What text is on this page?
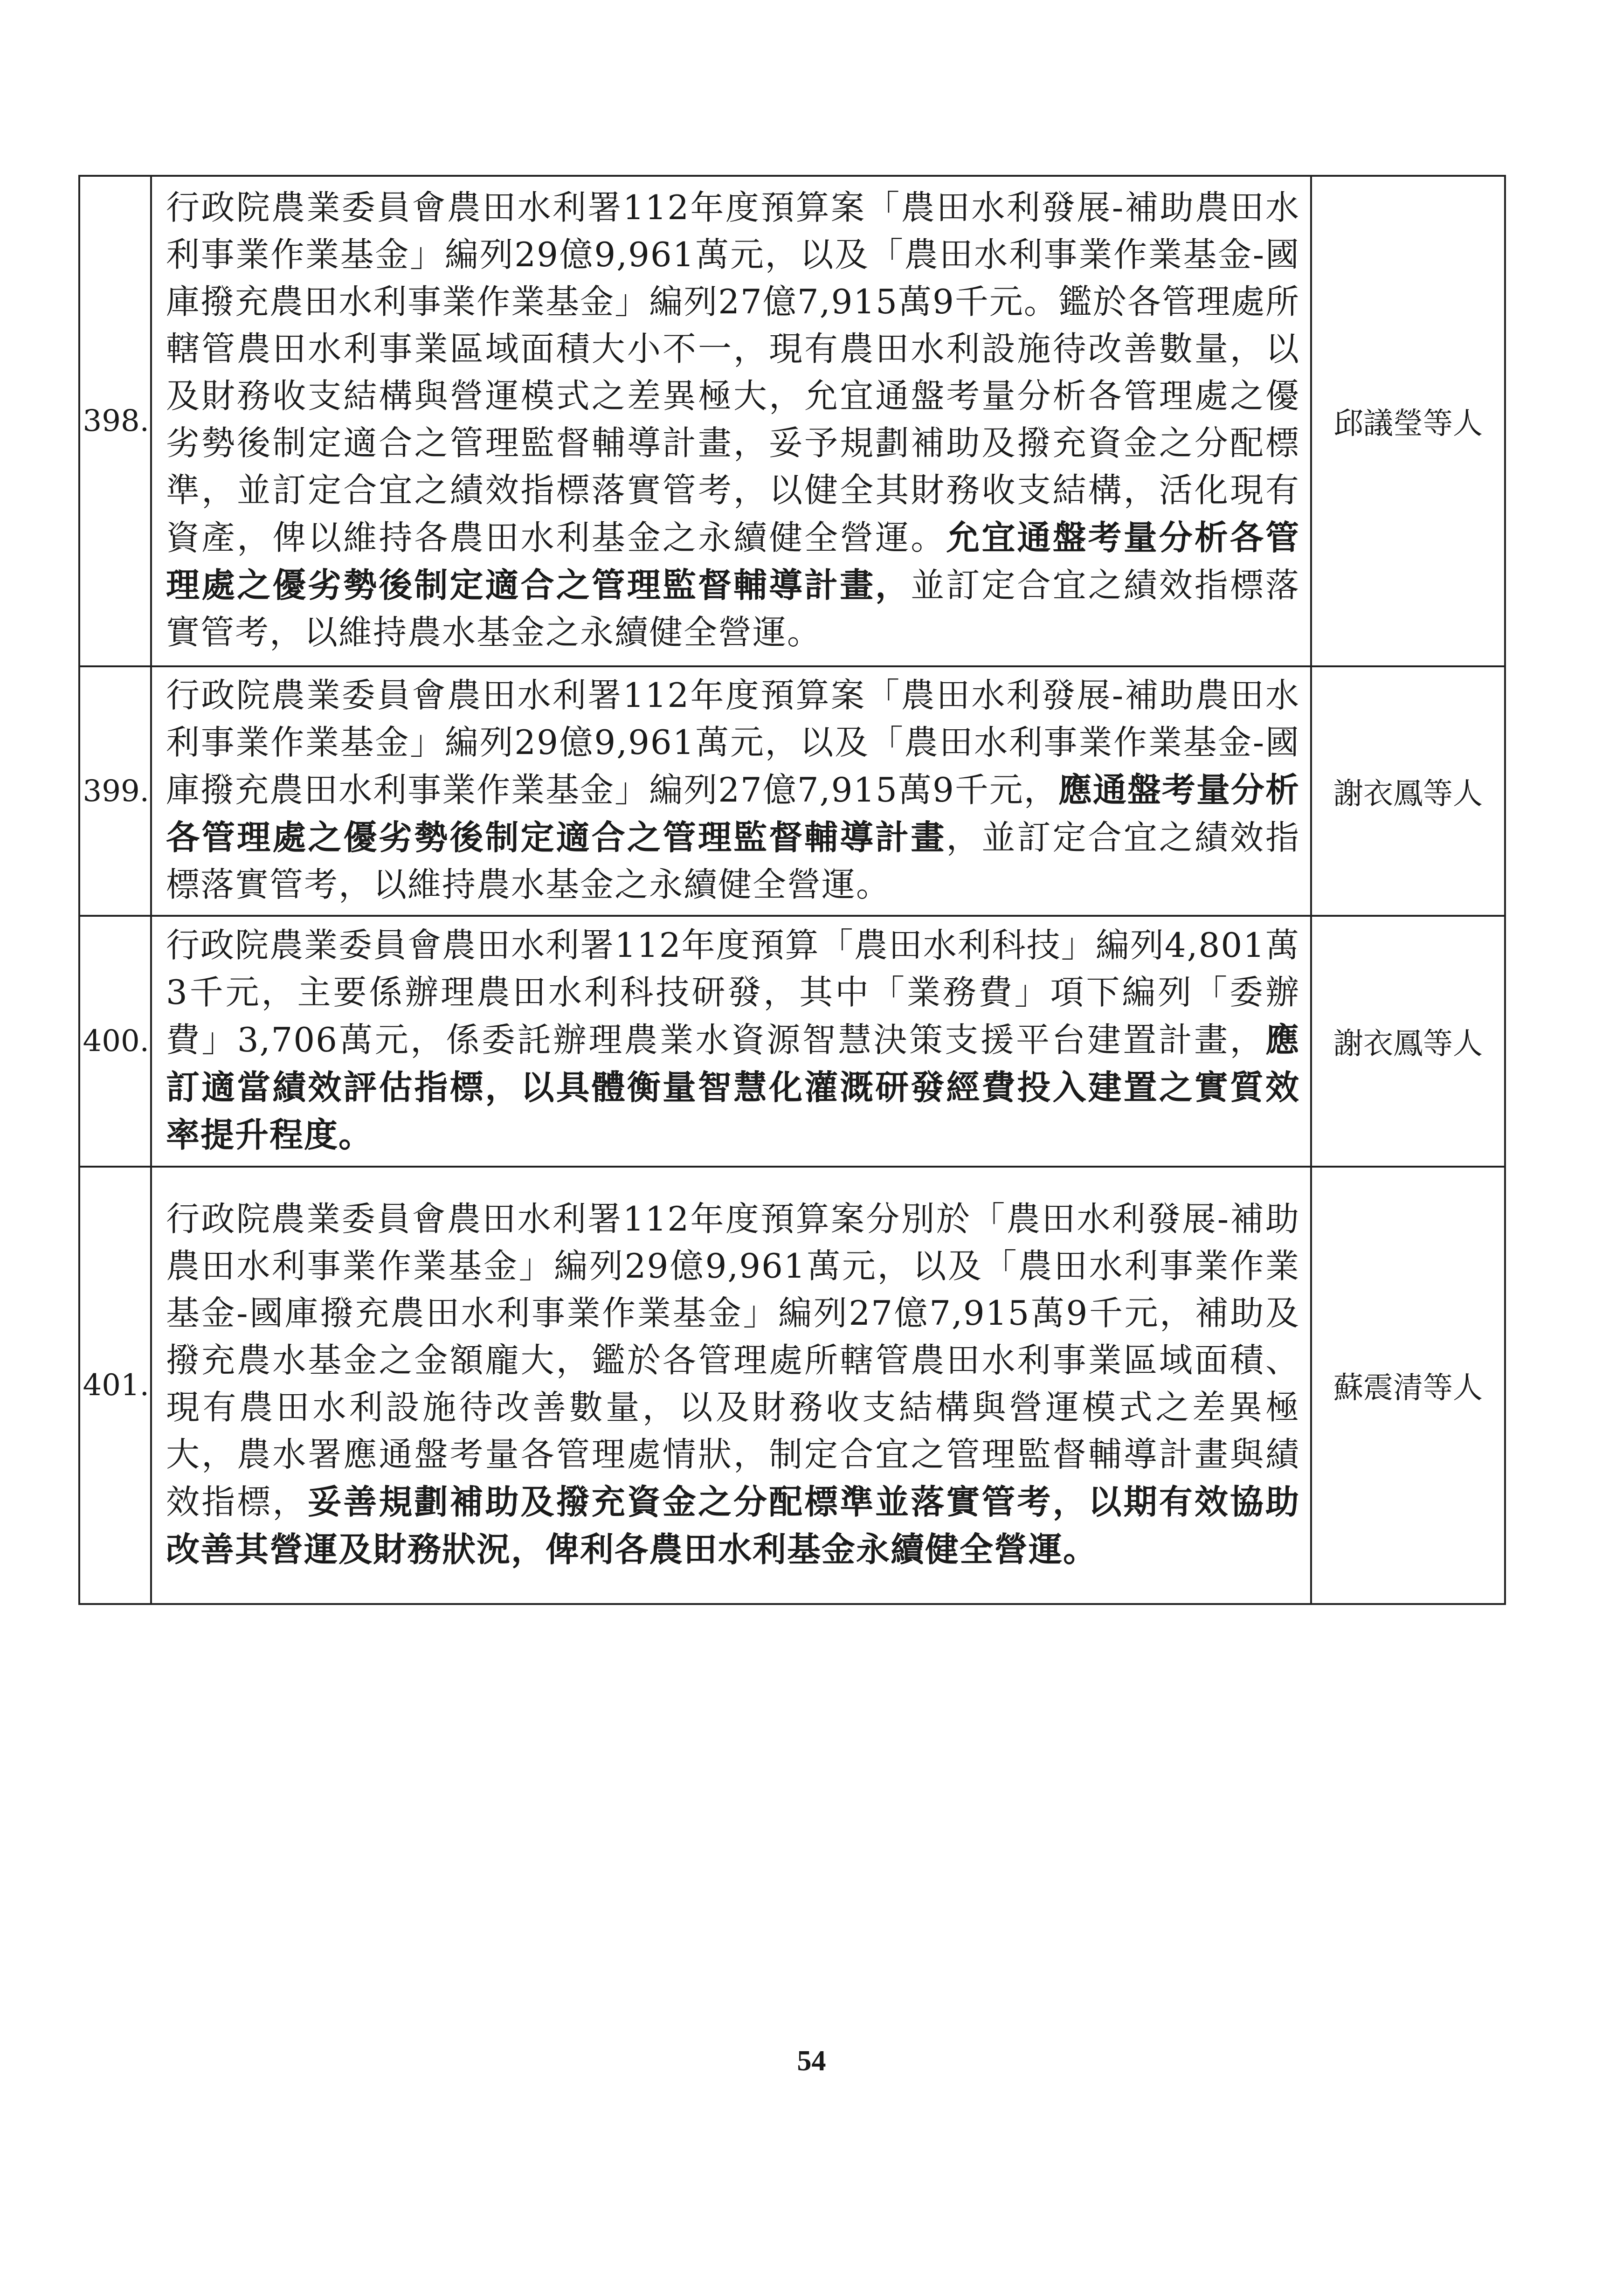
398.	行政院農業委員會農田水利署112年度預算案「農田水利發展-補助農田水利事業作業基金」編列29億9,961萬元，以及「農田水利事業作業基金-國庫撥充農田水利事業作業基金」編列27億7,915萬9千元。鑑於各管理處所轄管農田水利事業區域面積大小不一，現有農田水利設施待改善數量，以及財務收支結構與營運模式之差異極大，允宜通盤考量分析各管理處之優劣勢後制定適合之管理監督輔導計畫，妥予規劃補助及撥充資金之分配標準，並訂定合宜之績效指標落實管考，以健全其財務收支結構，活化現有資產，俾以維持各農田水利基金之永續健全營運。允宜通盤考量分析各管理處之優劣勢後制定適合之管理監督輔導計畫，並訂定合宜之績效指標落實管考，以維持農水基金之永續健全營運。	邱議瑩等人
399.	行政院農業委員會農田水利署112年度預算案「農田水利發展-補助農田水利事業作業基金」編列29億9,961萬元，以及「農田水利事業作業基金-國庫撥充農田水利事業作業基金」編列27億7,915萬9千元，應通盤考量分析各管理處之優劣勢後制定適合之管理監督輔導計畫，並訂定合宜之績效指標落實管考，以維持農水基金之永續健全營運。	謝衣鳳等人
400.	行政院農業委員會農田水利署112年度預算「農田水利科技」編列4,801萬3千元，主要係辦理農田水利科技研發，其中「業務費」項下編列「委辦費」3,706萬元，係委託辦理農業水資源智慧決策支援平台建置計畫，應訂適當績效評估指標，以具體衡量智慧化灌溉研發經費投入建置之實質效率提升程度。	謝衣鳳等人
401.	行政院農業委員會農田水利署112年度預算案分別於「農田水利發展-補助農田水利事業作業基金」編列29億9,961萬元，以及「農田水利事業作業基金-國庫撥充農田水利事業作業基金」編列27億7,915萬9千元，補助及撥充農水基金之金額龐大，鑑於各管理處所轄管農田水利事業區域面積、現有農田水利設施待改善數量，以及財務收支結構與營運模式之差異極大，農水署應通盤考量各管理處情狀，制定合宜之管理監督輔導計畫與績效指標，妥善規劃補助及撥充資金之分配標準並落實管考，以期有效協助改善其營運及財務狀況，俾利各農田水利基金永續健全營運。	蘇震清等人
54
